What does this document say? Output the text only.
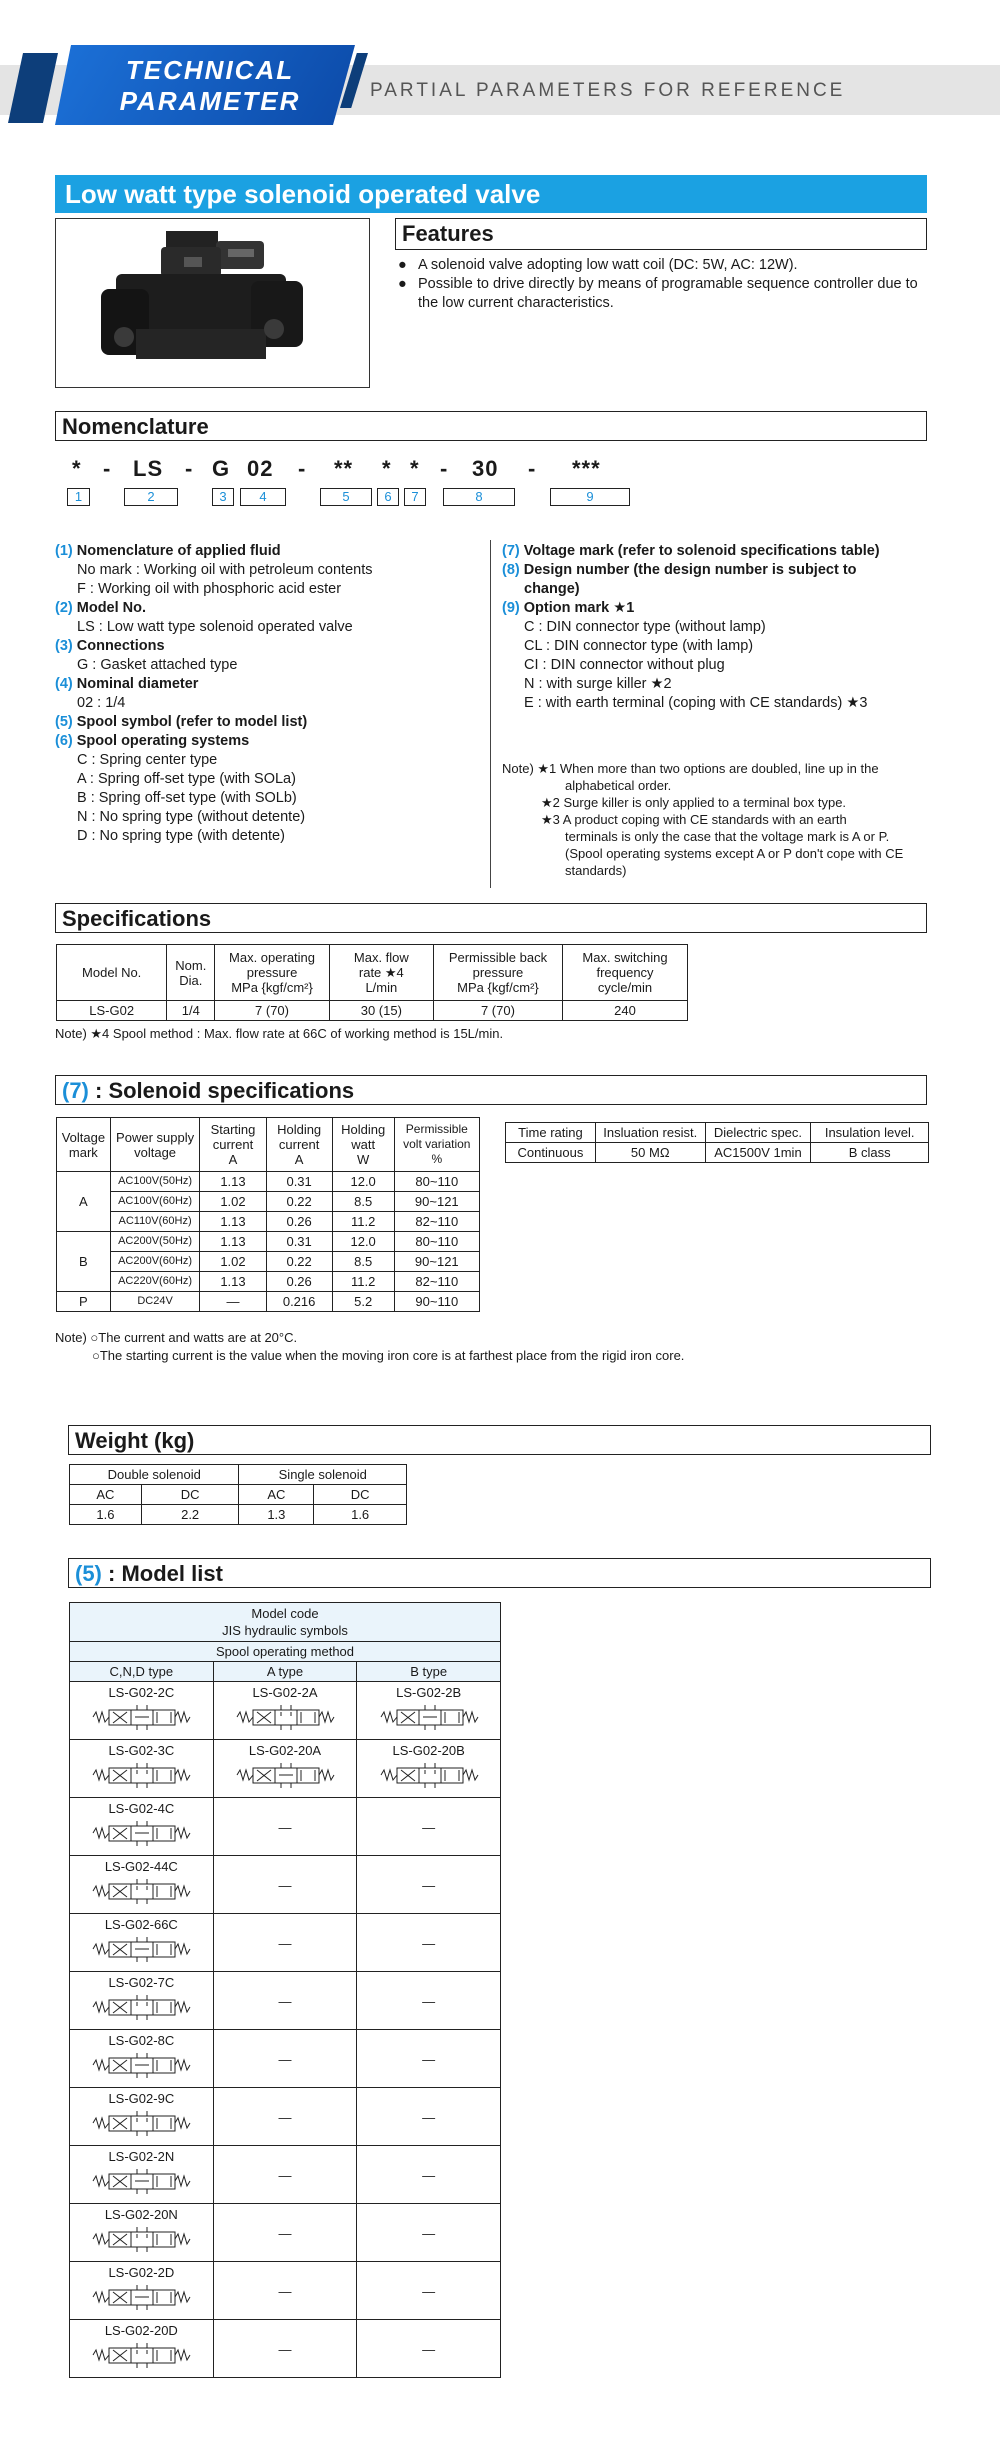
TECHNICAL
PARAMETER	PARTIAL PARAMETERS FOR REFERENCE
Low watt type solenoid operated valve
Features
● A solenoid valve adopting low watt coil (DC: 5W, AC: 12W).
● Possible to drive directly by means of programable sequence controller due to the low current characteristics.
Nomenclature
* - LS - G 02 - ** * * - 30 - ***
1	2	3	4	5	6	7	8	9
(1) Nomenclature of applied fluid
No mark : Working oil with petroleum contents
F : Working oil with phosphoric acid ester
(2) Model No.
LS : Low watt type solenoid operated valve
(3) Connections
G : Gasket attached type
(4) Nominal diameter
02 : 1/4
(5) Spool symbol (refer to model list)
(6) Spool operating systems
C : Spring center type
A : Spring off-set type (with SOLa)
B : Spring off-set type (with SOLb)
N : No spring type (without detente)
D : No spring type (with detente)
(7) Voltage mark (refer to solenoid specifications table)
(8) Design number (the design number is subject to
change)
(9) Option mark ★1
C : DIN connector type (without lamp)
CL : DIN connector type (with lamp)
CI : DIN connector without plug
N : with surge killer ★2
E : with earth terminal (coping with CE standards) ★3
Note) ★1 When more than two options are doubled, line up in the
alphabetical order.
★2 Surge killer is only applied to a terminal box type.
★3 A product coping with CE standards with an earth
terminals is only the case that the voltage mark is A or P.
(Spool operating systems except A or P don't cope with CE
standards)
Specifications
Model No.	Nom.
Dia.	Max. operating
pressure
MPa {kgf/cm²}	Max. flow
rate ★4
L/min	Permissible back
pressure
MPa {kgf/cm²}	Max. switching
frequency
cycle/min
LS-G02	1/4	7 (70)	30 (15)	7 (70)	240
Note) ★4 Spool method : Max. flow rate at 66C of working method is 15L/min.
(7) : Solenoid specifications
Voltage
mark	Power supply
voltage	Starting
current
A	Holding
current
A	Holding
watt
W	Permissible
volt variation
%
A	AC100V(50Hz)	1.13	0.31	12.0	80~110
	AC100V(60Hz)	1.02	0.22	8.5	90~121
	AC110V(60Hz)	1.13	0.26	11.2	82~110
B	AC200V(50Hz)	1.13	0.31	12.0	80~110
	AC200V(60Hz)	1.02	0.22	8.5	90~121
	AC220V(60Hz)	1.13	0.26	11.2	82~110
P	DC24V	—	0.216	5.2	90~110
Time rating	Insluation resist.	Dielectric spec.	Insulation level.
Continuous	50 MΩ	AC1500V 1min	B class
Note) ○The current and watts are at 20°C.
○The starting current is the value when the moving iron core is at farthest place from the rigid iron core.
Weight (kg)
Double solenoid		Single solenoid	
AC	DC	AC	DC
1.6	2.2	1.3	1.6
(5) : Model list
Model code
JIS hydraulic symbols		

Spool operating method		
C,N,D type	A type	B type

LS-G02-2C	LS-G02-2A	LS-G02-2B

LS-G02-3C	LS-G02-20A	LS-G02-20B

LS-G02-4C	—	—

LS-G02-44C	—	—

LS-G02-66C	—	—

LS-G02-7C	—	—

LS-G02-8C	—	—

LS-G02-9C	—	—

LS-G02-2N	—	—

LS-G02-20N	—	—

LS-G02-2D	—	—

LS-G02-20D	—	—
